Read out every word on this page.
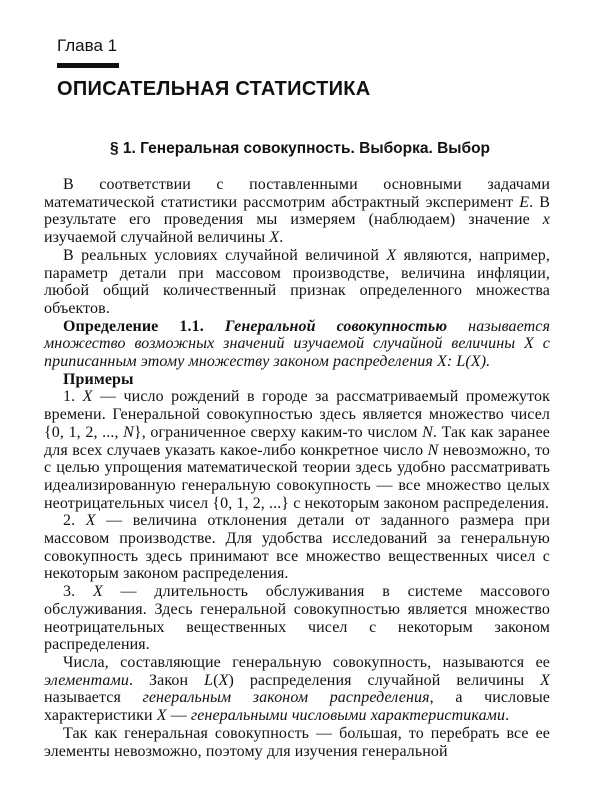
Глава 1
ОПИСАТЕЛЬНАЯ СТАТИСТИКА
§ 1. Генеральная совокупность. Выборка. Выбор

В соответствии с поставленными основными задачами математической статистики рассмотрим абстрактный эксперимент E. В результате его проведения мы измеряем (наблюдаем) значение x изучаемой случайной величины X.

В реальных условиях случайной величиной X являются, например, параметр детали при массовом производстве, величина инфляции, любой общий количественный признак определенного множества объектов.

Определение 1.1. Генеральной совокупностью называется множество возможных значений изучаемой случайной величины X с приписанным этому множеству законом распределения X: L(X).

Примеры

1. X — число рождений в городе за рассматриваемый промежуток времени. Генеральной совокупностью здесь является множество чисел {0, 1, 2, ..., N}, ограниченное сверху каким-то числом N. Так как заранее для всех случаев указать какое-либо конкретное число N невозможно, то с целью упрощения математической теории здесь удобно рассматривать идеализированную генеральную совокупность — все множество целых неотрицательных чисел {0, 1, 2, ...} с некоторым законом распределения.

2. X — величина отклонения детали от заданного размера при массовом производстве. Для удобства исследований за генеральную совокупность здесь принимают все множество вещественных чисел с некоторым законом распределения.

3. X — длительность обслуживания в системе массового обслуживания. Здесь генеральной совокупностью является множество неотрицательных вещественных чисел с некоторым законом распределения.

Числа, составляющие генеральную совокупность, называются ее элементами. Закон L(X) распределения случайной величины X называется генеральным законом распределения, а числовые характеристики X — генеральными числовыми характеристиками.

Так как генеральная совокупность — большая, то перебрать все ее элементы невозможно, поэтому для изучения генеральной
